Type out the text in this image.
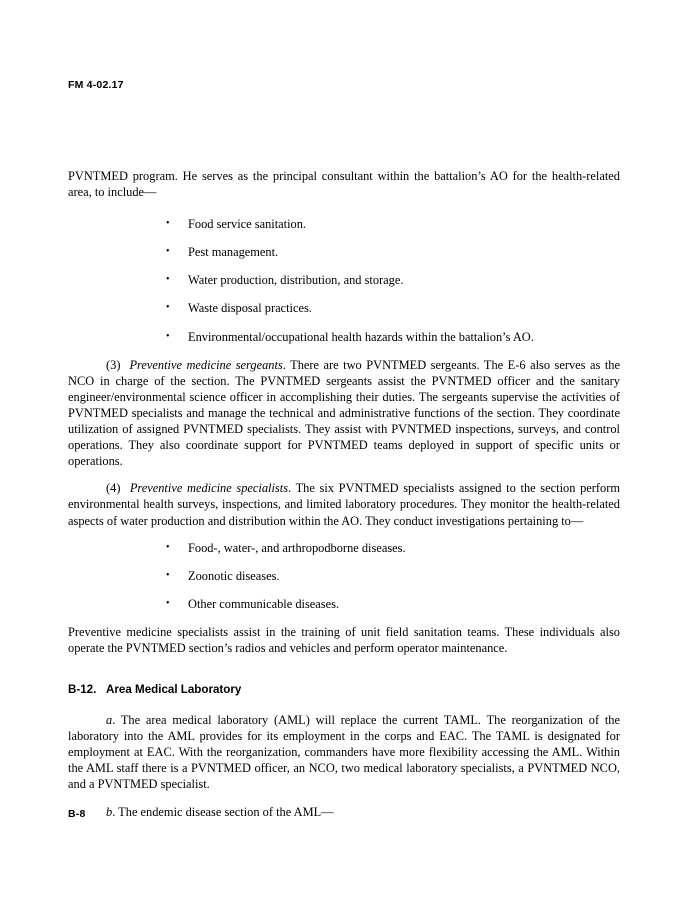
FM 4-02.17

PVNTMED program. He serves as the principal consultant within the battalion’s AO for the health-related area, to include—

• Food service sanitation.
• Pest management.
• Water production, distribution, and storage.
• Waste disposal practices.
• Environmental/occupational health hazards within the battalion’s AO.

(3) Preventive medicine sergeants. There are two PVNTMED sergeants. The E-6 also serves as the NCO in charge of the section. The PVNTMED sergeants assist the PVNTMED officer and the sanitary engineer/environmental science officer in accomplishing their duties. The sergeants supervise the activities of PVNTMED specialists and manage the technical and administrative functions of the section. They coordinate utilization of assigned PVNTMED specialists. They assist with PVNTMED inspections, surveys, and control operations. They also coordinate support for PVNTMED teams deployed in support of specific units or operations.

(4) Preventive medicine specialists. The six PVNTMED specialists assigned to the section perform environmental health surveys, inspections, and limited laboratory procedures. They monitor the health-related aspects of water production and distribution within the AO. They conduct investigations pertaining to—

• Food-, water-, and arthropodborne diseases.
• Zoonotic diseases.
• Other communicable diseases.

Preventive medicine specialists assist in the training of unit field sanitation teams. These individuals also operate the PVNTMED section’s radios and vehicles and perform operator maintenance.

B-12. Area Medical Laboratory

a. The area medical laboratory (AML) will replace the current TAML. The reorganization of the laboratory into the AML provides for its employment in the corps and EAC. The TAML is designated for employment at EAC. With the reorganization, commanders have more flexibility accessing the AML. Within the AML staff there is a PVNTMED officer, an NCO, two medical laboratory specialists, a PVNTMED NCO, and a PVNTMED specialist.

b. The endemic disease section of the AML—

B-8
